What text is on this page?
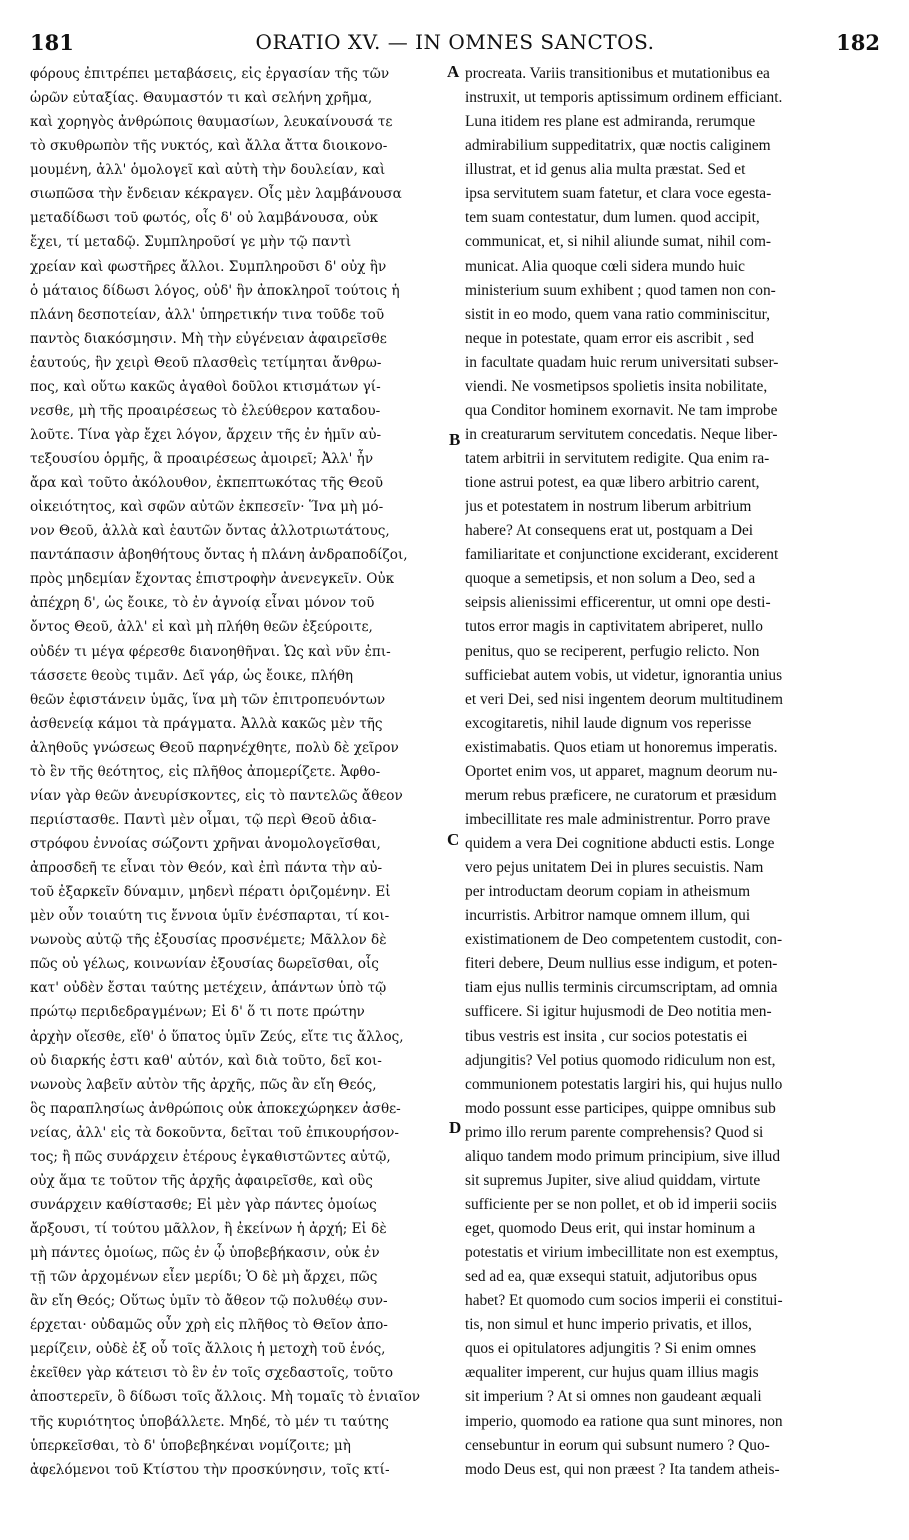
181	ORATIO XV. — IN OMNES SANCTOS.	182
φόρους ἐπιτρέπει μεταβάσεις, εἰς ἐργασίαν τῆς τῶν
ὡρῶν εὐταξίας. Θαυμαστόν τι καὶ σελήνη χρῆμα,
καὶ χορηγὸς ἀνθρώποις θαυμασίων, λευκαίνουσά τε
τὸ σκυθρωπὸν τῆς νυκτός, καὶ ἄλλα ἄττα διοικονο-
μουμένη, ἀλλ' ὁμολογεῖ καὶ αὐτὴ τὴν δουλείαν, καὶ
σιωπῶσα τὴν ἔνδειαν κέκραγεν. Οἷς μὲν λαμβάνουσα
μεταδίδωσι τοῦ φωτός, οἷς δ' οὐ λαμβάνουσα, οὐκ
ἔχει, τί μεταδῷ. Συμπληροῦσί γε μὴν τῷ παντὶ
χρείαν καὶ φωστῆρες ἄλλοι. Συμπληροῦσι δ' οὐχ ἣν
ὁ μάταιος δίδωσι λόγος, οὐδ' ἣν ἀποκληροῖ τούτοις ἡ
πλάνη δεσποτείαν, ἀλλ' ὑπηρετικήν τινα τοῦδε τοῦ
παντὸς διακόσμησιν. Μὴ τὴν εὐγένειαν ἀφαιρεῖσθε
ἑαυτούς, ἣν χειρὶ Θεοῦ πλασθεὶς τετίμηται ἄνθρω-
πος, καὶ οὕτω κακῶς ἀγαθοὶ δοῦλοι κτισμάτων γί-
νεσθε, μὴ τῆς προαιρέσεως τὸ ἐλεύθερον καταδου-
λοῦτε. Τίνα γὰρ ἔχει λόγον, ἄρχειν τῆς ἐν ἡμῖν αὐ-
τεξουσίου ὁρμῆς, ἃ προαιρέσεως ἀμοιρεῖ; Ἀλλ' ἦν
ἄρα καὶ τοῦτο ἀκόλουθον, ἐκπεπτωκότας τῆς Θεοῦ
οἰκειότητος, καὶ σφῶν αὐτῶν ἐκπεσεῖν· Ἵνα μὴ μό-
νον Θεοῦ, ἀλλὰ καὶ ἑαυτῶν ὄντας ἀλλοτριωτάτους,
παντάπασιν ἀβοηθήτους ὄντας ἡ πλάνη ἀνδραποδίζοι,
πρὸς μηδεμίαν ἔχοντας ἐπιστροφὴν ἀνενεγκεῖν. Οὐκ
ἀπέχρη δ', ὡς ἔοικε, τὸ ἐν ἀγνοίᾳ εἶναι μόνον τοῦ
ὄντος Θεοῦ, ἀλλ' εἰ καὶ μὴ πλήθη θεῶν ἐξεύροιτε,
οὐδέν τι μέγα φέρεσθε διανοηθῆναι. Ὡς καὶ νῦν ἐπι-
τάσσετε θεοὺς τιμᾶν. Δεῖ γάρ, ὡς ἔοικε, πλήθη
θεῶν ἐφιστάνειν ὑμᾶς, ἵνα μὴ τῶν ἐπιτροπευόντων
ἀσθενείᾳ κάμοι τὰ πράγματα. Ἀλλὰ κακῶς μὲν τῆς
ἀληθοῦς γνώσεως Θεοῦ παρηνέχθητε, πολὺ δὲ χεῖρον
τὸ ἓν τῆς θεότητος, εἰς πλῆθος ἀπομερίζετε. Ἀφθο-
νίαν γὰρ θεῶν ἀνευρίσκοντες, εἰς τὸ παντελῶς ἄθεον
περιίστασθε. Παντὶ μὲν οἶμαι, τῷ περὶ Θεοῦ ἀδια-
στρόφου ἐννοίας σώζοντι χρῆναι ἀνομολογεῖσθαι,
ἀπροσδεῆ τε εἶναι τὸν Θεόν, καὶ ἐπὶ πάντα τὴν αὐ-
τοῦ ἐξαρκεῖν δύναμιν, μηδενὶ πέρατι ὁριζομένην. Εἰ
μὲν οὖν τοιαύτη τις ἔννοια ὑμῖν ἐνέσπαρται, τί κοι-
νωνοὺς αὐτῷ τῆς ἐξουσίας προσνέμετε; Μᾶλλον δὲ
πῶς οὐ γέλως, κοινωνίαν ἐξουσίας δωρεῖσθαι, οἷς
κατ' οὐδὲν ἔσται ταύτης μετέχειν, ἁπάντων ὑπὸ τῷ
πρώτῳ περιδεδραγμένων; Εἰ δ' ὅ τι ποτε πρώτην
ἀρχὴν οἴεσθε, εἴθ' ὁ ὕπατος ὑμῖν Ζεύς, εἴτε τις ἄλλος,
οὐ διαρκής ἐστι καθ' αὑτόν, καὶ διὰ τοῦτο, δεῖ κοι-
νωνοὺς λαβεῖν αὐτὸν τῆς ἀρχῆς, πῶς ἂν εἴη Θεός,
ὃς παραπλησίως ἀνθρώποις οὐκ ἀποκεχώρηκεν ἀσθε-
νείας, ἀλλ' εἰς τὰ δοκοῦντα, δεῖται τοῦ ἐπικουρήσον-
τος; ἢ πῶς συνάρχειν ἑτέρους ἐγκαθιστῶντες αὐτῷ,
οὐχ ἅμα τε τοῦτον τῆς ἀρχῆς ἀφαιρεῖσθε, καὶ οὓς
συνάρχειν καθίστασθε; Εἰ μὲν γὰρ πάντες ὁμοίως
ἄρξουσι, τί τούτου μᾶλλον, ἢ ἐκείνων ἡ ἀρχή; Εἰ δὲ
μὴ πάντες ὁμοίως, πῶς ἐν ᾧ ὑποβεβήκασιν, οὐκ ἐν
τῇ τῶν ἀρχομένων εἶεν μερίδι; Ὁ δὲ μὴ ἄρχει, πῶς
ἂν εἴη Θεός; Οὕτως ὑμῖν τὸ ἄθεον τῷ πολυθέῳ συν-
έρχεται· οὐδαμῶς οὖν χρὴ εἰς πλῆθος τὸ Θεῖον ἀπο-
μερίζειν, οὐδὲ ἐξ οὗ τοῖς ἄλλοις ἡ μετοχὴ τοῦ ἑνός,
ἐκεῖθεν γὰρ κάτεισι τὸ ἓν ἐν τοῖς σχεδαστοῖς, τοῦτο
ἀποστερεῖν, ὃ δίδωσι τοῖς ἄλλοις. Μὴ τομαῖς τὸ ἑνιαῖον
τῆς κυριότητος ὑποβάλλετε. Μηδέ, τὸ μέν τι ταύτης
ὑπερκεῖσθαι, τὸ δ' ὑποβεβηκέναι νομίζοιτε; μὴ
ἀφελόμενοι τοῦ Κτίστου τὴν προσκύνησιν, τοῖς κτί-
procreata. Variis transitionibus et mutationibus ea
instruxit, ut temporis aptissimum ordinem efficiant.
Luna itidem res plane est admiranda, rerumque
admirabilium suppeditatrix, quæ noctis caliginem
illustrat, et id genus alia multa præstat. Sed et
ipsa servitutem suam fatetur, et clara voce egesta-
tem suam contestatur, dum lumen. quod accipit,
communicat, et, si nihil aliunde sumat, nihil com-
municat. Alia quoque cœli sidera mundo huic
ministerium suum exhibent ; quod tamen non con-
sistit in eo modo, quem vana ratio comminiscitur,
neque in potestate, quam error eis ascribit , sed
in facultate quadam huic rerum universitati subser-
viendi. Ne vosmetipsos spolietis insita nobilitate,
qua Conditor hominem exornavit. Ne tam improbe
in creaturarum servitutem concedatis. Neque liber-
tatem arbitrii in servitutem redigite. Qua enim ra-
tione astrui potest, ea quæ libero arbitrio carent,
jus et potestatem in nostrum liberum arbitrium
habere? At consequens erat ut, postquam a Dei
familiaritate et conjunctione exciderant, exciderent
quoque a semetipsis, et non solum a Deo, sed a
seipsis alienissimi efficerentur, ut omni ope desti-
tutos error magis in captivitatem abriperet, nullo
penitus, quo se reciperent, perfugio relicto. Non
sufficiebat autem vobis, ut videtur, ignorantia unius
et veri Dei, sed nisi ingentem deorum multitudinem
excogitaretis, nihil laude dignum vos reperisse
existimabatis. Quos etiam ut honoremus imperatis.
Oportet enim vos, ut apparet, magnum deorum nu-
merum rebus præficere, ne curatorum et præsidum
imbecillitate res male administrentur. Porro prave
quidem a vera Dei cognitione abducti estis. Longe
vero pejus unitatem Dei in plures secuistis. Nam
per introductam deorum copiam in atheismum
incurristis. Arbitror namque omnem illum, qui
existimationem de Deo competentem custodit, con-
fiteri debere, Deum nullius esse indigum, et poten-
tiam ejus nullis terminis circumscriptam, ad omnia
sufficere. Si igitur hujusmodi de Deo notitia men-
tibus vestris est insita , cur socios potestatis ei
adjungitis? Vel potius quomodo ridiculum non est,
communionem potestatis largiri his, qui hujus nullo
modo possunt esse participes, quippe omnibus sub
primo illo rerum parente comprehensis? Quod si
aliquo tandem modo primum principium, sive illud
sit supremus Jupiter, sive aliud quiddam, virtute
sufficiente per se non pollet, et ob id imperii sociis
eget, quomodo Deus erit, qui instar hominum a
potestatis et virium imbecillitate non est exemptus,
sed ad ea, quæ exsequi statuit, adjutoribus opus
habet? Et quomodo cum socios imperii ei constitui-
tis, non simul et hunc imperio privatis, et illos,
quos ei opitulatores adjungitis ? Si enim omnes
æqualiter imperent, cur hujus quam illius magis
sit imperium ? At si omnes non gaudeant æquali
imperio, quomodo ea ratione qua sunt minores, non
censebuntur in eorum qui subsunt numero ? Quo-
modo Deus est, qui non præest ? Ita tandem atheis-
A
B
C
D
